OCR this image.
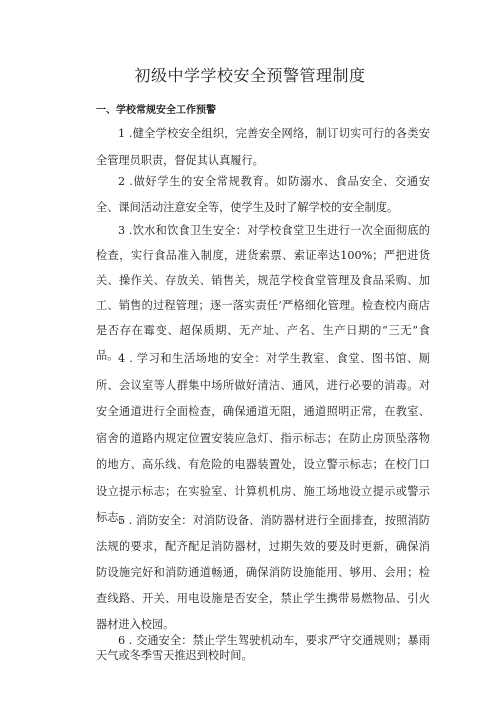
初级中学学校安全预警管理制度
一、学校常规安全工作预警

1 .健全学校安全组织，完善安全网络，制订切实可行的各类安全管理员职责，督促其认真履行。

2 .做好学生的安全常规教育。如防溺水、食品安全、交通安全、课间活动注意安全等，使学生及时了解学校的安全制度。

3 .饮水和饮食卫生安全：对学校食堂卫生进行一次全面彻底的检查，实行食品准入制度，进货索票、索证率达100%；严把进货关、操作关、存放关、销售关，规范学校食堂管理及食品采购、加工、销售的过程管理；逐一落实责任’严格细化管理。检查校内商店是否存在霉变、超保质期、无产址、产名、生产日期的“三无”食品。 4 . 学习和生活场地的安全：对学生教室、食堂、图书馆、厕所、会议室等人群集中场所做好清洁、通风，进行必要的消毒。对安全通道进行全面检查，确保通道无阻，通道照明正常，在教室、宿舍的道路内规定位置安装应急灯、指示标志；在防止房顶坠落物的地方、高乐线、有危险的电器装置处，设立警示标志；在校门口设立提示标志；在实验室、计算机机房、施工场地设立提示或警示标志。

5 . 消防安全：对消防设备、消防器材进行全面排查，按照消防法规的要求，配齐配足消防器材，过期失效的要及时更新，确保消防设施完好和消防通道畅通，确保消防设施能用、够用、会用；检查线路、开关、用电设施是否安全，禁止学生携带易燃物品、引火器材进入校园。

6 . 交通安全：禁止学生驾驶机动车，要求严守交通规则；暴雨天气或冬季雪天推迟到校时间。
